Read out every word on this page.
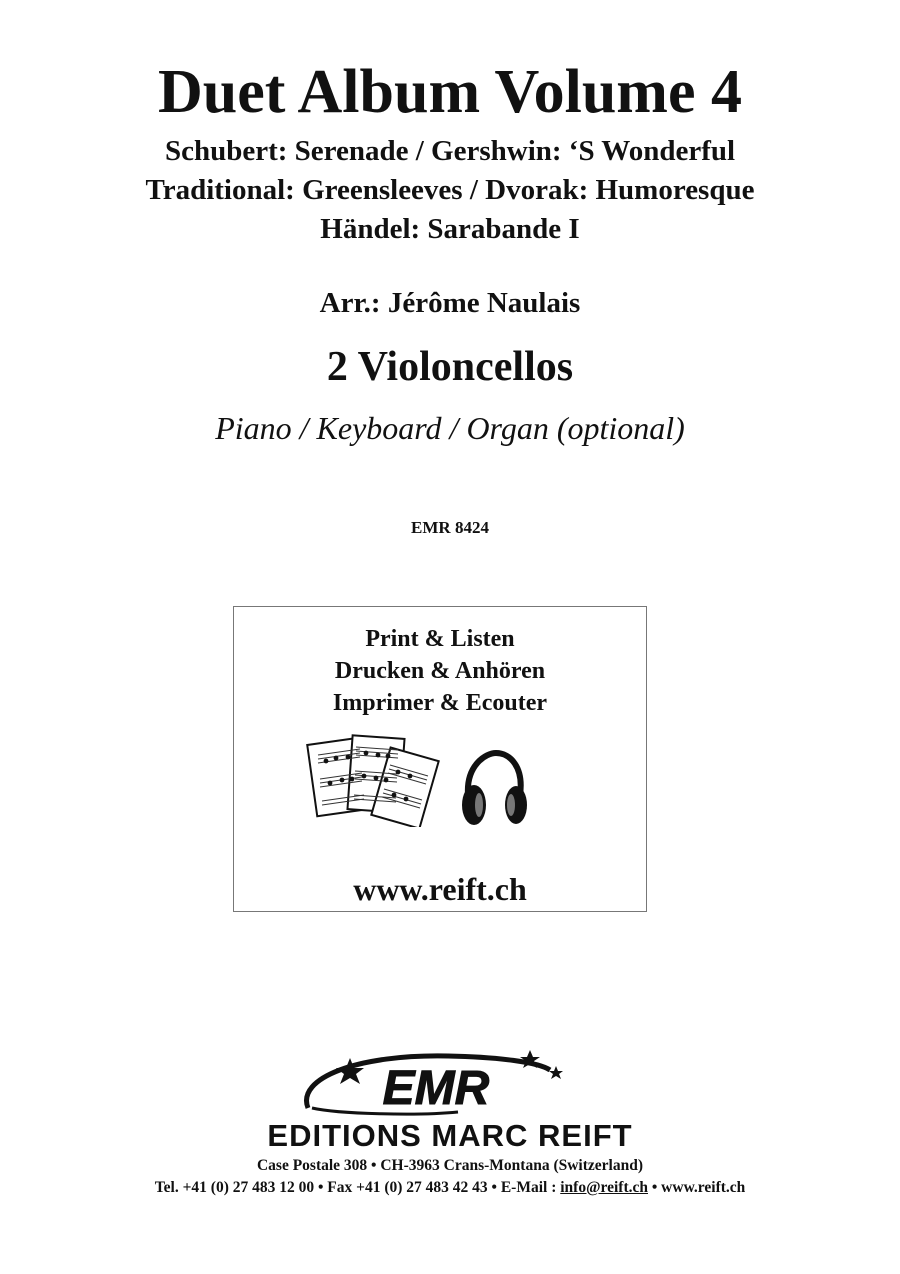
Duet Album Volume 4
Schubert: Serenade / Gershwin: ‘S Wonderful
Traditional: Greensleeves / Dvorak: Humoresque
Händel: Sarabande I
Arr.: Jérôme Naulais
2 Violoncellos
Piano / Keyboard / Organ (optional)
EMR 8424
Print & Listen
Drucken & Anhören
Imprimer & Ecouter
www.reift.ch
EMR
EDITIONS MARC REIFT
Case Postale 308 • CH-3963 Crans-Montana (Switzerland)
Tel. +41 (0) 27 483 12 00 • Fax +41 (0) 27 483 42 43 • E-Mail : info@reift.ch • www.reift.ch
